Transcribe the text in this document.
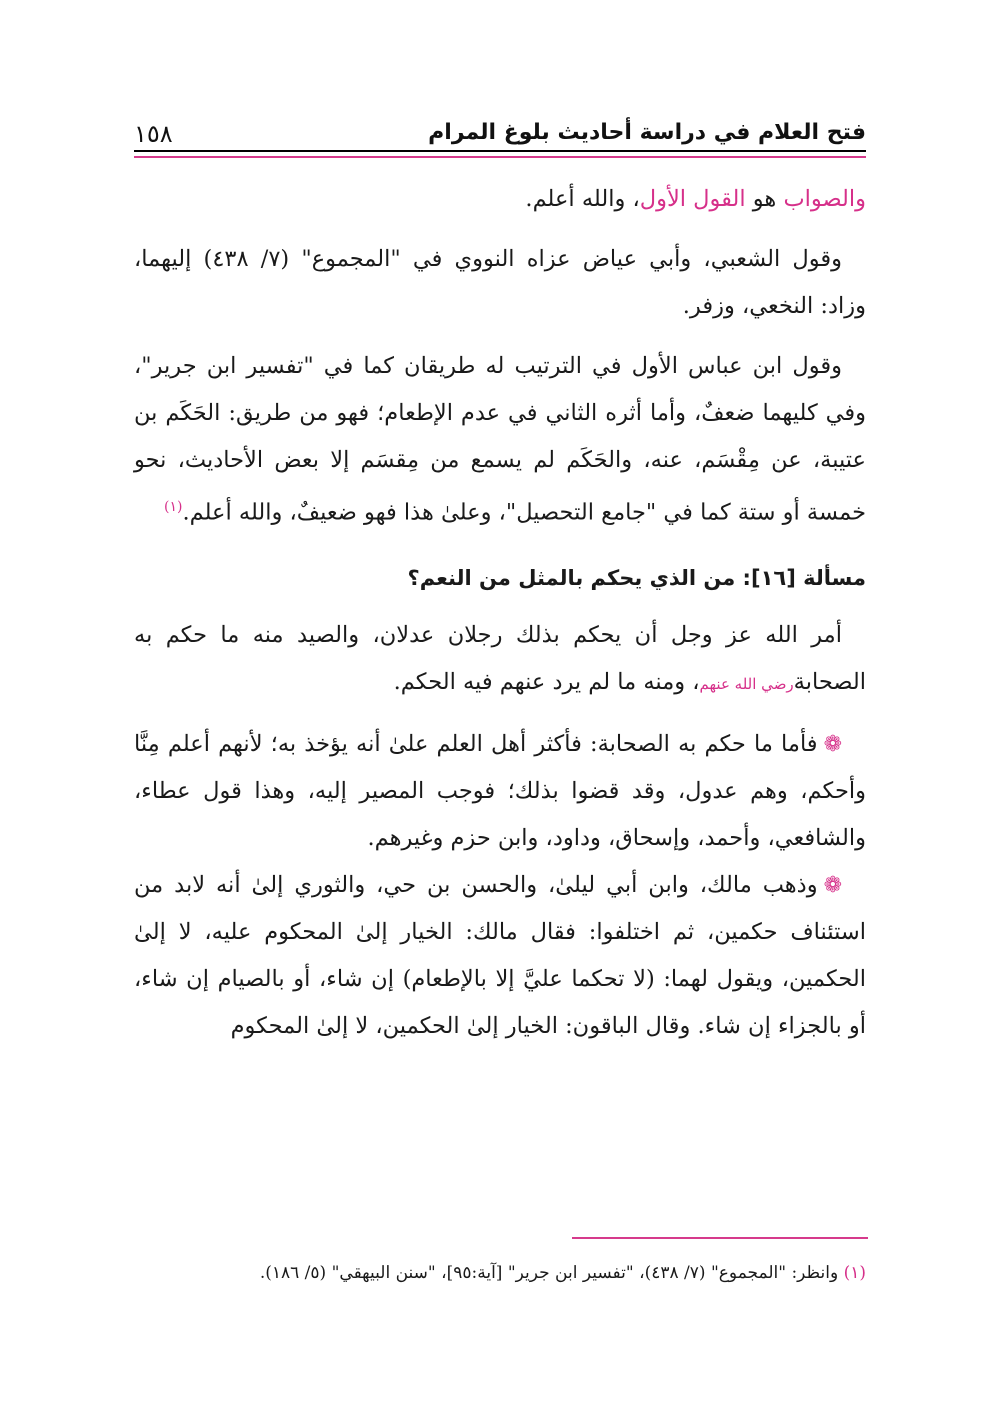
فتح العلام في دراسة أحاديث بلوغ المرام
١٥٨

والصواب هو القول الأول، والله أعلم.

وقول الشعبي، وأبي عياض عزاه النووي في "المجموع" (٧/ ٤٣٨) إليهما، وزاد: النخعي، وزفر.

وقول ابن عباس الأول في الترتيب له طريقان كما في "تفسير ابن جرير"، وفي كليهما ضعفٌ، وأما أثره الثاني في عدم الإطعام؛ فهو من طريق: الحَكَم بن عتيبة، عن مِقْسَم، عنه، والحَكَم لم يسمع من مِقسَم إلا بعض الأحاديث، نحو خمسة أو ستة كما في "جامع التحصيل"، وعلىٰ هذا فهو ضعيفٌ، والله أعلم.$^{(١)}$

مسألة [١٦]: من الذي يحكم بالمثل من النعم؟

أمر الله عز وجل أن يحكم بذلك رجلان عدلان، والصيد منه ما حكم به الصحابةرضي الله عنهم، ومنه ما لم يرد عنهم فيه الحكم.

❁فأما ما حكم به الصحابة: فأكثر أهل العلم علىٰ أنه يؤخذ به؛ لأنهم أعلم مِنَّا وأحكم، وهم عدول، وقد قضوا بذلك؛ فوجب المصير إليه، وهذا قول عطاء، والشافعي، وأحمد، وإسحاق، وداود، وابن حزم وغيرهم.

❁وذهب مالك، وابن أبي ليلىٰ، والحسن بن حي، والثوري إلىٰ أنه لابد من استئناف حكمين، ثم اختلفوا: فقال مالك: الخيار إلىٰ المحكوم عليه، لا إلىٰ الحكمين، ويقول لهما: (لا تحكما عليَّ إلا بالإطعام) إن شاء، أو بالصيام إن شاء، أو بالجزاء إن شاء. وقال الباقون: الخيار إلىٰ الحكمين، لا إلىٰ المحكوم

(١) وانظر: "المجموع" (٧/ ٤٣٨)، "تفسير ابن جرير" [آية:٩٥]، "سنن البيهقي" (٥/ ١٨٦).
